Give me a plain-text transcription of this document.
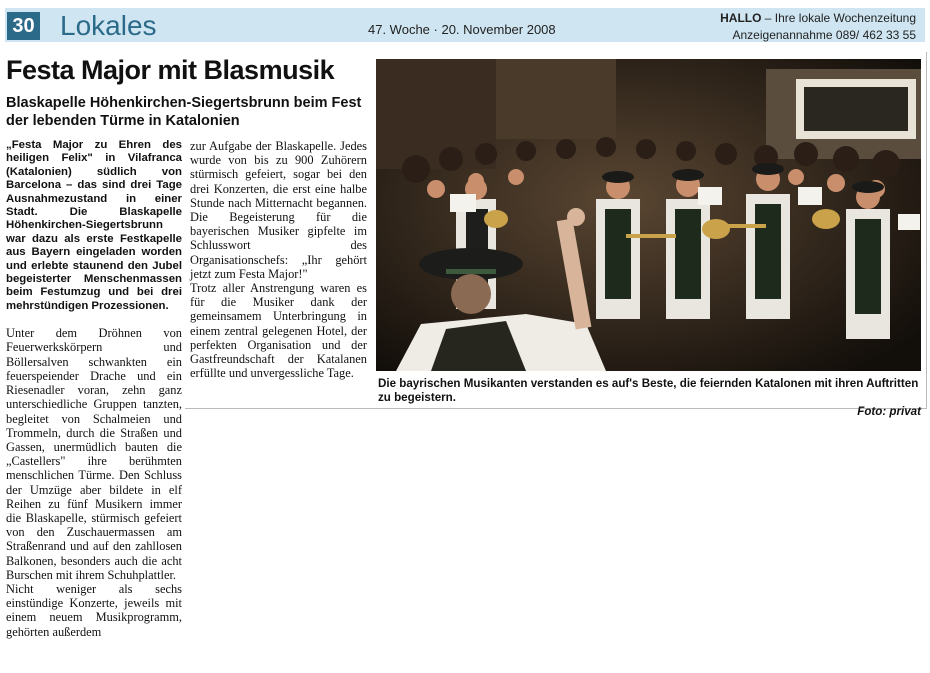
30 Lokales	47. Woche · 20. November 2008
HALLO – Ihre lokale Wochenzeitung
Anzeigenannahme 089/ 462 33 55
Festa Major mit Blasmusik
Blaskapelle Höhenkirchen-Siegertsbrunn beim Fest der lebenden Türme in Katalonien
„Festa Major zu Ehren des heiligen Felix" in Vilafranca (Katalonien) südlich von Barcelona – das sind drei Tage Ausnahmezustand in einer Stadt. Die Blaskapelle Höhenkirchen-Siegertsbrunn war dazu als erste Festkapelle aus Bayern eingeladen worden und erlebte staunend den Jubel begeisterter Menschenmassen beim Festumzug und bei drei mehrstündigen Prozessionen.

Unter dem Dröhnen von Feuerwerkskörpern und Böllersalven schwankten ein feuerspeiender Drache und ein Riesenadler voran, zehn ganz unterschiedliche Gruppen tanzten, begleitet von Schalmeien und Trommeln, durch die Straßen und Gassen, unermüdlich bauten die „Castellers" ihre berühmten menschlichen Türme. Den Schluss der Umzüge aber bildete in elf Reihen zu fünf Musikern immer die Blaskapelle, stürmisch gefeiert von den Zuschauermassen am Straßenrand und auf den zahllosen Balkonen, besonders auch die acht Burschen mit ihrem Schuhplattler.

Nicht weniger als sechs einstündige Konzerte, jeweils mit einem neuem Musikprogramm, gehörten außerdem

zur Aufgabe der Blaskapelle. Jedes wurde von bis zu 900 Zuhörern stürmisch gefeiert, sogar bei den drei Konzerten, die erst eine halbe Stunde nach Mitternacht begannen. Die Begeisterung für die bayerischen Musiker gipfelte im Schlusswort des Organisationschefs: „Ihr gehört jetzt zum Festa Major!"

Trotz aller Anstrengung waren es für die Musiker dank der gemeinsamem Unterbringung in einem zentral gelegenen Hotel, der perfekten Organisation und der Gastfreundschaft der Katalanen erfüllte und unvergessliche Tage.

Die bayrischen Musikanten verstanden es auf's Beste, die feiernden Katalonen mit ihren Auftritten zu begeistern.
Foto: privat
